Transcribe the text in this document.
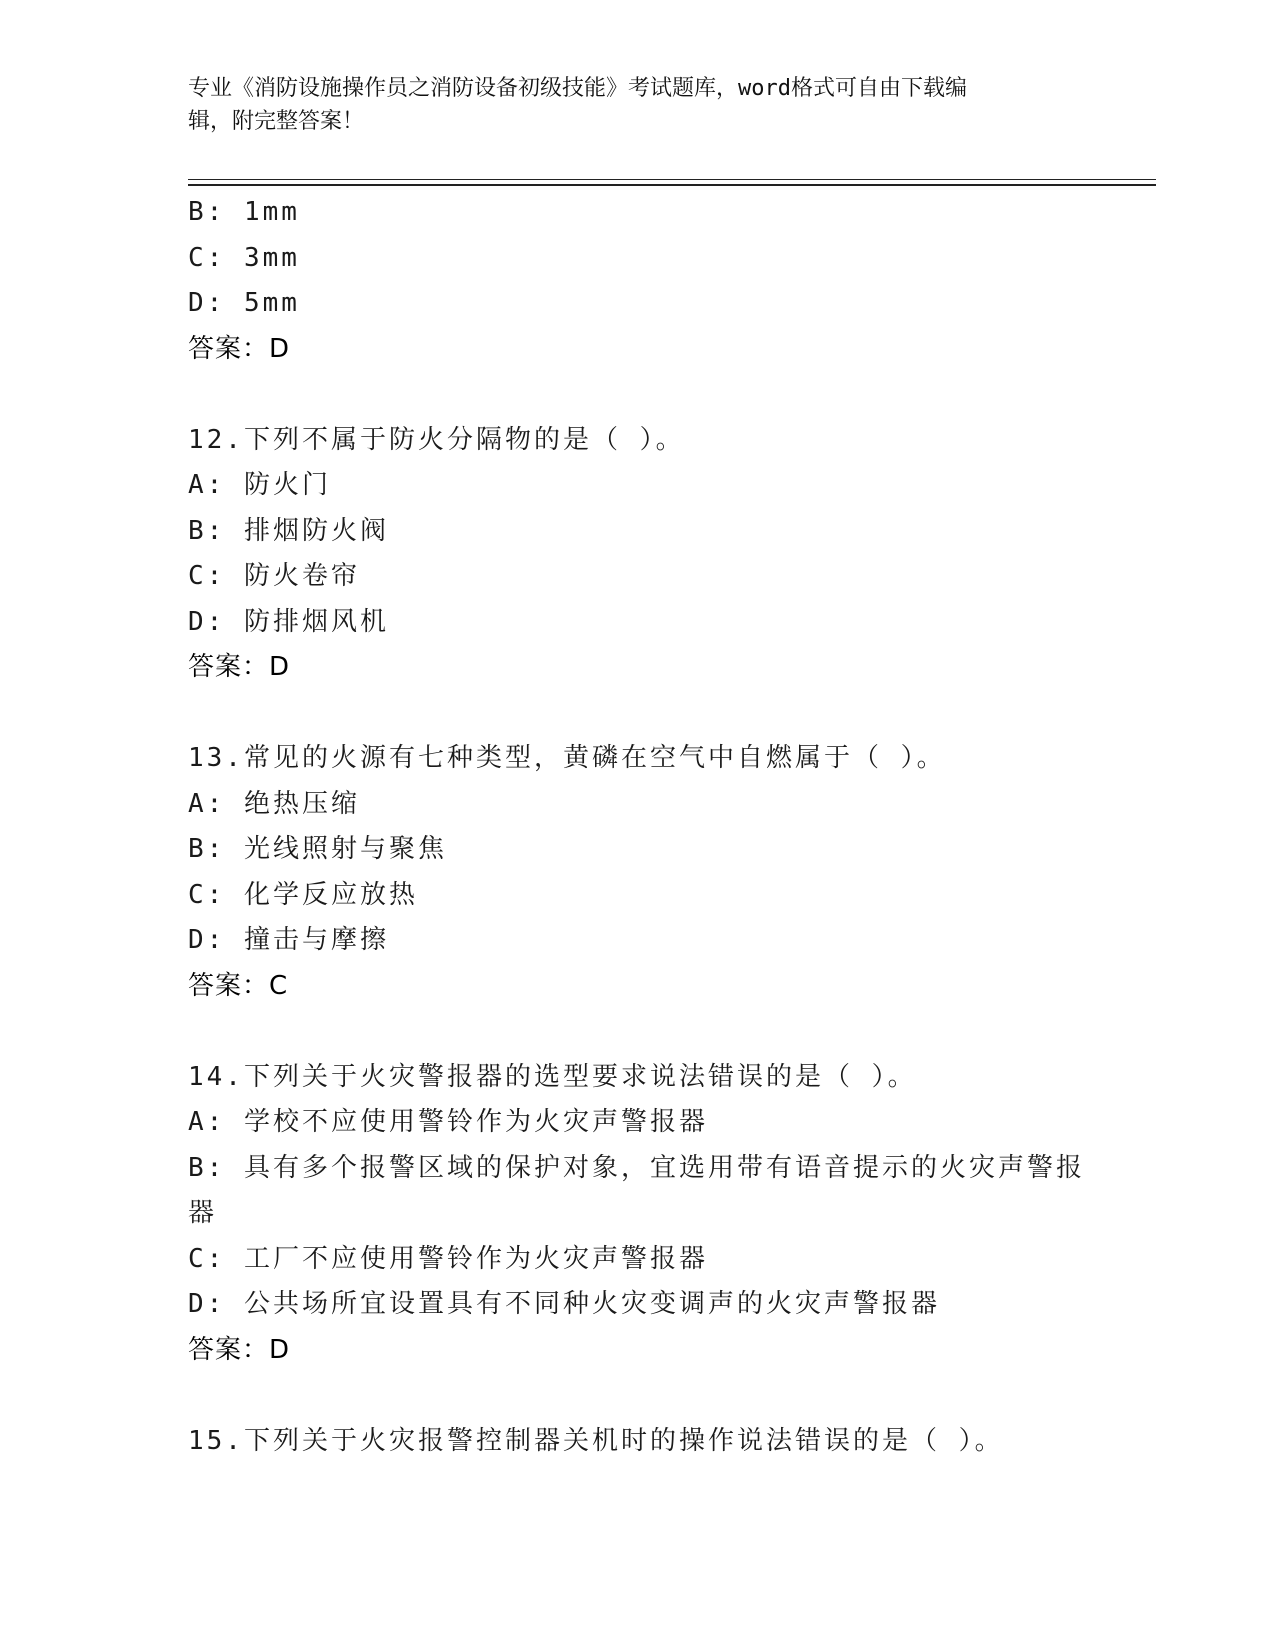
专业《消防设施操作员之消防设备初级技能》考试题库，word格式可自由下载编
辑，附完整答案！
B: 1mm
C: 3mm
D: 5mm
答案：D
12.下列不属于防火分隔物的是（ ）。
A: 防火门
B: 排烟防火阀
C: 防火卷帘
D: 防排烟风机
答案：D
13.常见的火源有七种类型，黄磷在空气中自燃属于（ ）。
A: 绝热压缩
B: 光线照射与聚焦
C: 化学反应放热
D: 撞击与摩擦
答案：C
14.下列关于火灾警报器的选型要求说法错误的是（ ）。
A: 学校不应使用警铃作为火灾声警报器
B: 具有多个报警区域的保护对象，宜选用带有语音提示的火灾声警报器
C: 工厂不应使用警铃作为火灾声警报器
D: 公共场所宜设置具有不同种火灾变调声的火灾声警报器
答案：D
15.下列关于火灾报警控制器关机时的操作说法错误的是（ ）。
